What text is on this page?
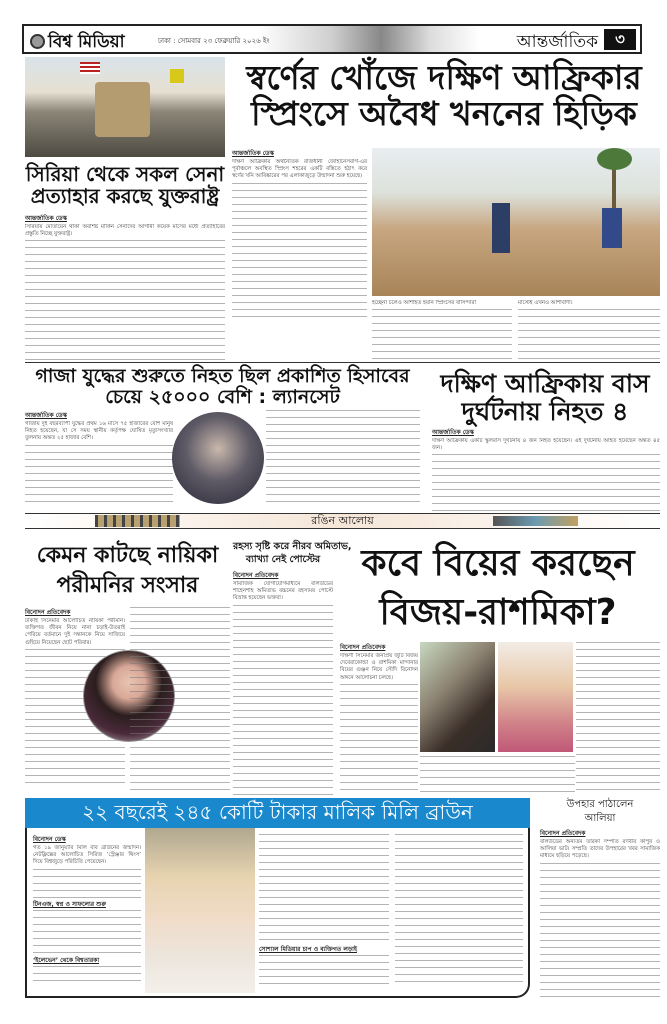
বিশ্ব মিডিয়া	ঢাকা : সোমবার ২৩ ফেব্রুয়ারি ২০২৬ ইং	আন্তর্জাতিক	৩
স্বর্ণের খোঁজে দক্ষিণ আফ্রিকার
স্প্রিংসে অবৈধ খননের হিড়িক
আন্তর্জাতিক ডেস্ক
দক্ষিণ আফ্রিকার অর্থনৈতিক রাজধানী জোহানেসবার্গ-এর পূর্বাঞ্চলে অবস্থিত স্প্রিংস শহরের একটি বস্তিতে হঠাৎ করে স্বর্ণের খনি আবিষ্কারের পর এলাকাজুড়ে উন্মাদনা শুরু হয়েছে।
হচ্ছেনা চলেও আশাহত হয়নি স্প্রিংসের বাসিন্দারা	মাস্টেই এখনও আশাবাদী।
সিরিয়া থেকে সকল সেনা
প্রত্যাহার করছে যুক্তরাষ্ট্র
আন্তর্জাতিক ডেস্ক
সিরিয়ায় মোতায়েন থাকা অবশিষ্ট মার্কিন সেনাদের আগামী কয়েক মাসের মধ্যে প্রত্যাহারের প্রস্তুতি নিচ্ছে যুক্তরাষ্ট্র।
গাজা যুদ্ধের শুরুতে নিহত ছিল প্রকাশিত হিসাবের
চেয়ে ২৫০০০ বেশি : ল্যানসেট
আন্তর্জাতিক ডেস্ক
গাজায় দুই বছরব্যাপী যুদ্ধের প্রথম ১৬ মাসে ৭৫ হাজারের বেশি মানুষ নিহত হয়েছেন, যা সে সময় স্থানীয় কর্তৃপক্ষ ঘোষিত মৃত্যুসংখ্যার তুলনায় অন্তত ২৫ হাজার বেশি।
দক্ষিণ আফ্রিকায় বাস
দুর্ঘটনায় নিহত ৪
আন্তর্জাতিক ডেস্ক
দক্ষিণ আফ্রিকায় একটি স্কুলবাস দুর্ঘটনায় ৪ জন নিহত হয়েছেন। এই দুর্ঘটনায় আহত হয়েছেন অন্তত ৪৫ জন।
রঙিন আলোয়
কেমন কাটছে নায়িকা
পরীমনির সংসার
বিনোদন প্রতিবেদক
ঢাকাই সিনেমার আলোচিত নায়িকা পরীমনি। ব্যক্তিগত জীবন নিয়ে নানা চড়াই-উতরাই পেরিয়ে বর্তমানে দুই সন্তানকে নিয়ে সাজিয়ে গুছিয়ে নিয়েছেন ছোট পরিবার।
রহস্য সৃষ্টি করে নীরব অমিতাভ,
ব্যাখ্যা নেই পোস্টের
বিনোদন প্রতিবেদক
সামাজিক যোগাযোগমাধ্যমে বলিউডের শাহেনশাহ অমিতাভ বচ্চনের রহস্যময় পোস্টে বিভ্রান্ত হয়েছেন ভক্তরা।
কবে বিয়ের করছেন
বিজয়-রাশমিকা?
বিনোদন প্রতিবেদক
দক্ষিণী সিনেমার জনপ্রিয় জুটি বিজয় দেবেরাকোন্ডা ও রাশমিকা মান্দানার বিয়ের গুঞ্জন নিয়ে সৌদি বিনোদন অঙ্গনে আলোচনা চলছে।
২২ বছরেই ২৪৫ কোটি টাকার মালিক মিলি ব্রাউন
বিনোদন ডেস্ক
গত ১৯ জানুয়ারি মিলি ববি ব্রাউনের জন্মদিন। নেটফ্লিক্সের আলোচিত সিরিজ ‘স্ট্রেঞ্জার থিংস’ দিয়ে বিশ্বজুড়ে পরিচিতি পেয়েছেন।
টিনএজ, স্বপ্ন ও সাফল্যের শুরু
‘ইলেভেন’ থেকে বিশ্বতারকা
সোশ্যাল মিডিয়ার চাপ ও ব্যক্তিগত লড়াই
উপহার পাঠালেন
আলিয়া
বিনোদন প্রতিবেদক
বলিউডের অন্যতম তারকা দম্পতি রণবীর কাপুর ও আলিয়া ভাট। সম্প্রতি তাদের উপহারের খবর সামাজিক মাধ্যমে ছড়িয়ে পড়েছে।
